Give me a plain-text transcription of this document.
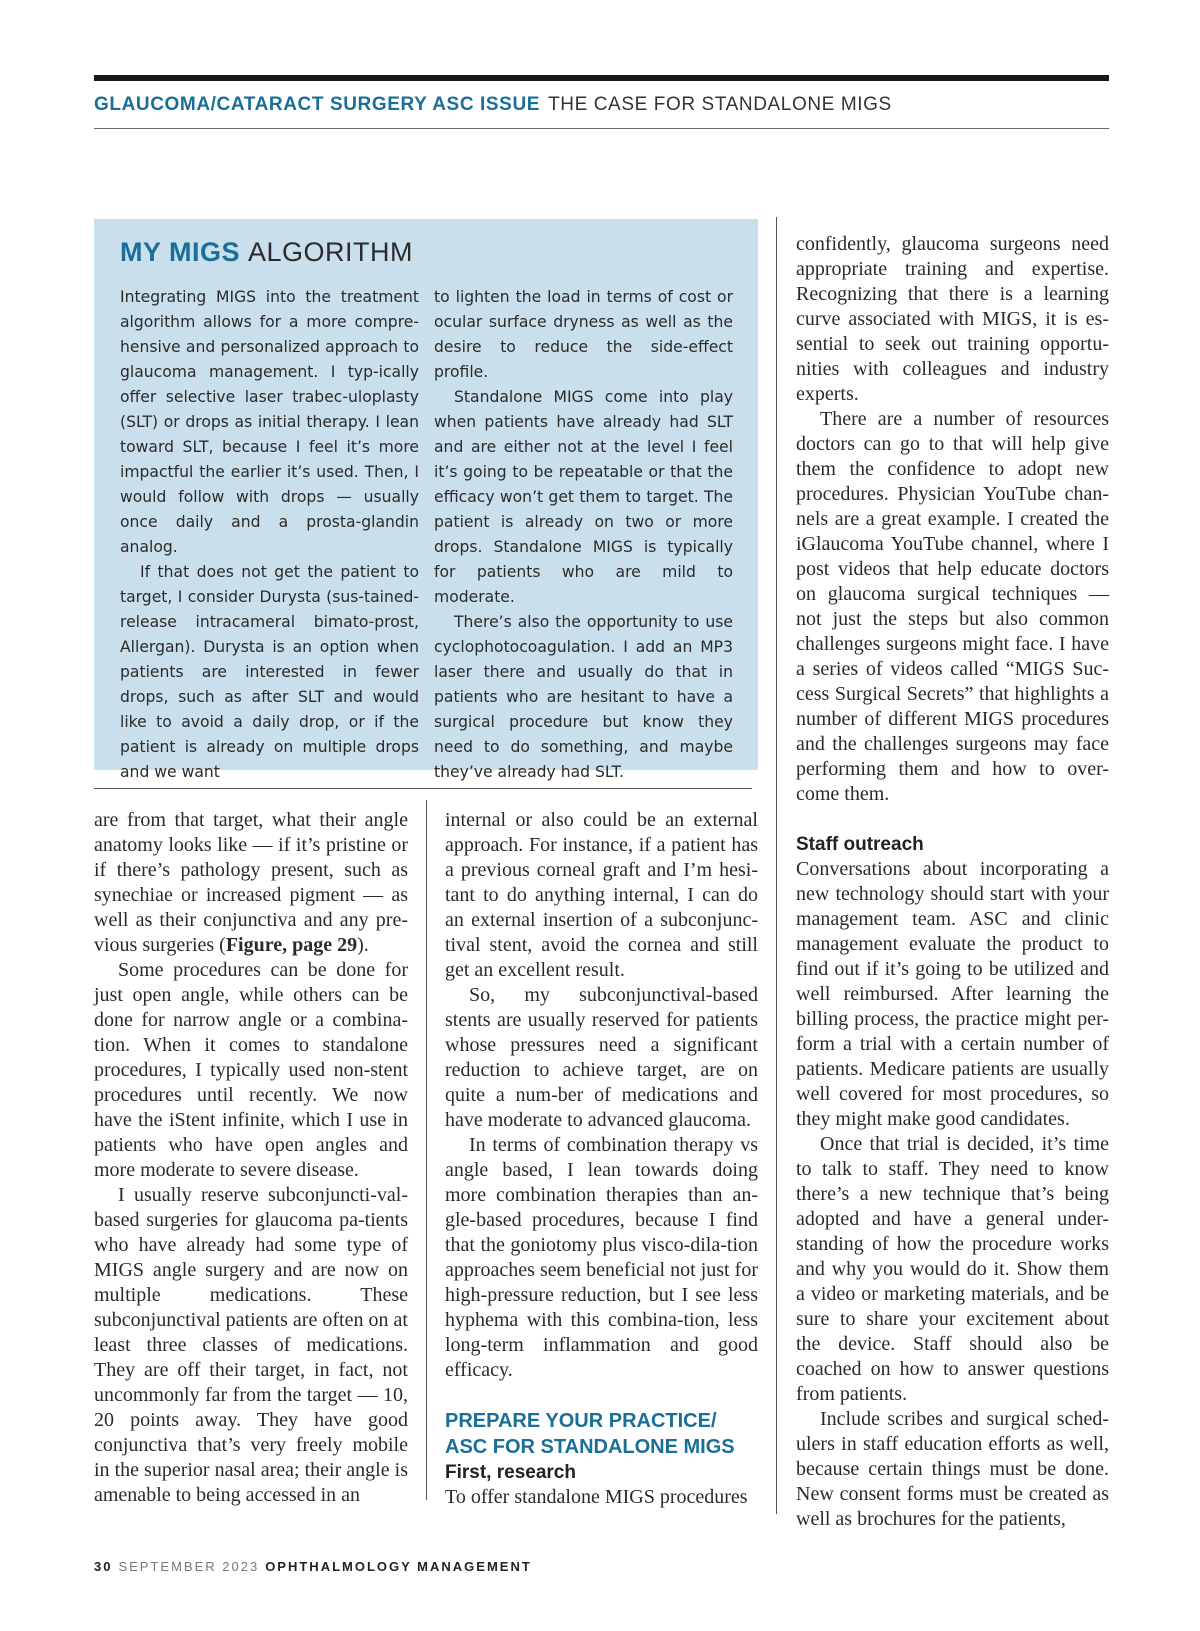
GLAUCOMA/CATARACT SURGERY ASC ISSUE THE CASE FOR STANDALONE MIGS
MY MIGS ALGORITHM

Integrating MIGS into the treatment algorithm allows for a more compre-hensive and personalized approach to glaucoma management. I typ-ically offer selective laser trabec-uloplasty (SLT) or drops as initial therapy. I lean toward SLT, because I feel it’s more impactful the earlier it’s used. Then, I would follow with drops — usually once daily and a prosta-glandin analog.

If that does not get the patient to target, I consider Durysta (sus-tained-release intracameral bimato-prost, Allergan). Durysta is an option when patients are interested in fewer drops, such as after SLT and would like to avoid a daily drop, or if the patient is already on multiple drops and we want

to lighten the load in terms of cost or ocular surface dryness as well as the desire to reduce the side-effect profile.

Standalone MIGS come into play when patients have already had SLT and are either not at the level I feel it’s going to be repeatable or that the efficacy won’t get them to target. The patient is already on two or more drops. Standalone MIGS is typically for patients who are mild to moderate.

There’s also the opportunity to use cyclophotocoagulation. I add an MP3 laser there and usually do that in patients who are hesitant to have a surgical procedure but know they need to do something, and maybe they’ve already had SLT.

are from that target, what their angle anatomy looks like — if it’s pristine or if there’s pathology present, such as synechiae or increased pigment — as well as their conjunctiva and any pre-vious surgeries (Figure, page 29).

Some procedures can be done for just open angle, while others can be done for narrow angle or a combina-tion. When it comes to standalone procedures, I typically used non-stent procedures until recently. We now have the iStent infinite, which I use in patients who have open angles and more moderate to severe disease.

I usually reserve subconjuncti-val-based surgeries for glaucoma pa-tients who have already had some type of MIGS angle surgery and are now on multiple medications. These subconjunctival patients are often on at least three classes of medications. They are off their target, in fact, not uncommonly far from the target — 10, 20 points away. They have good conjunctiva that’s very freely mobile in the superior nasal area; their angle is amenable to being accessed in an

internal or also could be an external approach. For instance, if a patient has a previous corneal graft and I’m hesi-tant to do anything internal, I can do an external insertion of a subconjunc-tival stent, avoid the cornea and still get an excellent result.

So, my subconjunctival-based stents are usually reserved for patients whose pressures need a significant reduction to achieve target, are on quite a num-ber of medications and have moderate to advanced glaucoma.

In terms of combination therapy vs angle based, I lean towards doing more combination therapies than an-gle-based procedures, because I find that the goniotomy plus visco-dila-tion approaches seem beneficial not just for high-pressure reduction, but I see less hyphema with this combina-tion, less long-term inflammation and good efficacy.

PREPARE YOUR PRACTICE/
ASC FOR STANDALONE MIGS

First, research

To offer standalone MIGS procedures

confidently, glaucoma surgeons need appropriate training and expertise. Recognizing that there is a learning curve associated with MIGS, it is es-sential to seek out training opportu-nities with colleagues and industry experts.

There are a number of resources doctors can go to that will help give them the confidence to adopt new procedures. Physician YouTube chan-nels are a great example. I created the iGlaucoma YouTube channel, where I post videos that help educate doctors on glaucoma surgical techniques — not just the steps but also common challenges surgeons might face. I have a series of videos called “MIGS Suc-cess Surgical Secrets” that highlights a number of different MIGS procedures and the challenges surgeons may face performing them and how to over-come them.

Staff outreach

Conversations about incorporating a new technology should start with your management team. ASC and clinic management evaluate the product to find out if it’s going to be utilized and well reimbursed. After learning the billing process, the practice might per-form a trial with a certain number of patients. Medicare patients are usually well covered for most procedures, so they might make good candidates.

Once that trial is decided, it’s time to talk to staff. They need to know there’s a new technique that’s being adopted and have a general under-standing of how the procedure works and why you would do it. Show them a video or marketing materials, and be sure to share your excitement about the device. Staff should also be coached on how to answer questions from patients.

Include scribes and surgical sched-ulers in staff education efforts as well, because certain things must be done. New consent forms must be created as well as brochures for the patients,

30 SEPTEMBER 2023 OPHTHALMOLOGY MANAGEMENT
